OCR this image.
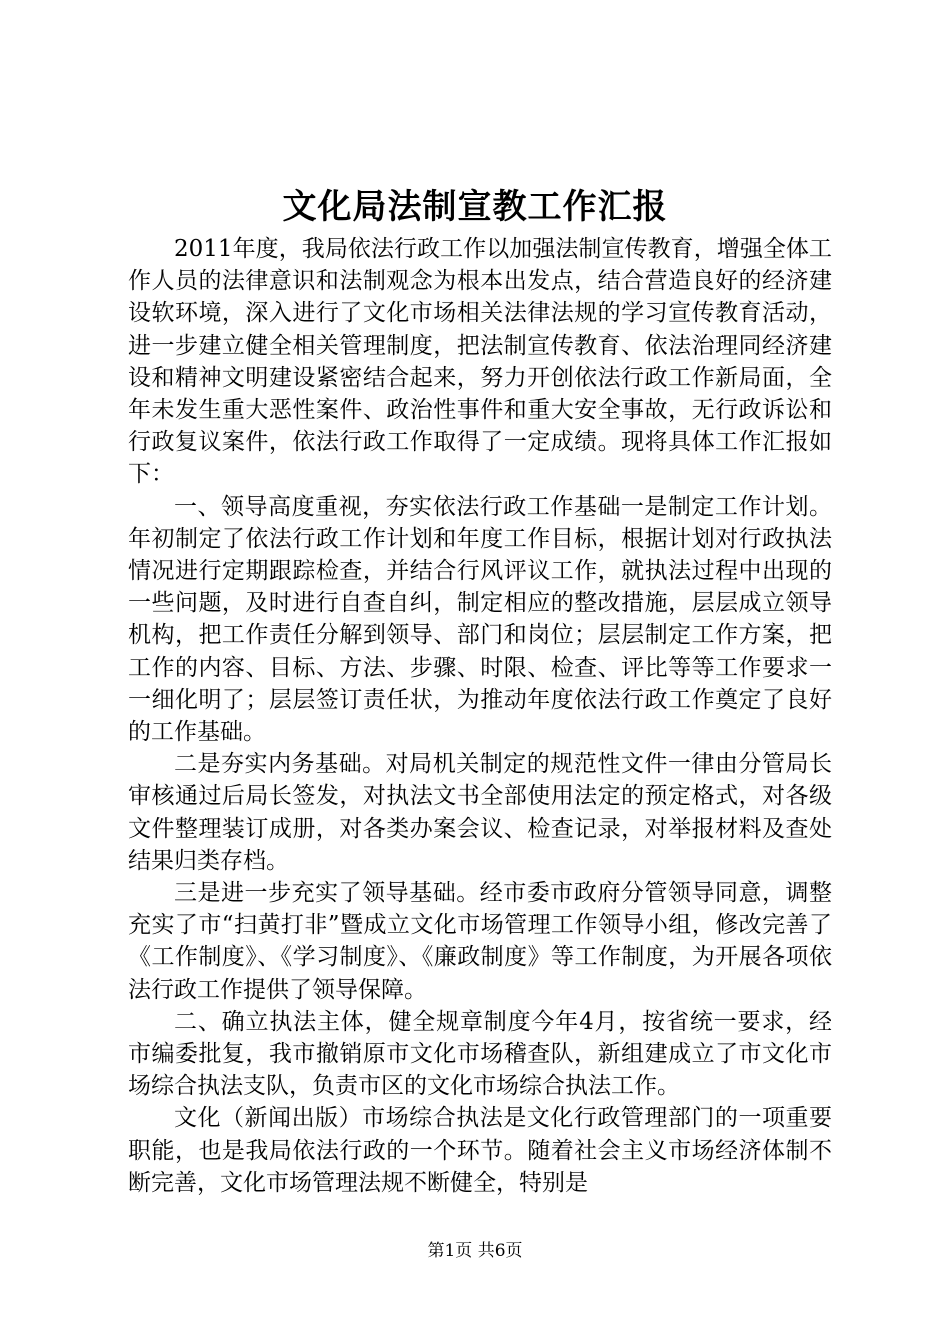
文化局法制宣教工作汇报

2011年度，我局依法行政工作以加强法制宣传教育，增强全体工作人员的法律意识和法制观念为根本出发点，结合营造良好的经济建设软环境，深入进行了文化市场相关法律法规的学习宣传教育活动，进一步建立健全相关管理制度，把法制宣传教育、依法治理同经济建设和精神文明建设紧密结合起来，努力开创依法行政工作新局面，全年未发生重大恶性案件、政治性事件和重大安全事故，无行政诉讼和行政复议案件，依法行政工作取得了一定成绩。现将具体工作汇报如下：

一、领导高度重视，夯实依法行政工作基础一是制定工作计划。年初制定了依法行政工作计划和年度工作目标，根据计划对行政执法情况进行定期跟踪检查，并结合行风评议工作，就执法过程中出现的一些问题，及时进行自查自纠，制定相应的整改措施，层层成立领导机构，把工作责任分解到领导、部门和岗位；层层制定工作方案，把工作的内容、目标、方法、步骤、时限、检查、评比等等工作要求一一细化明了；层层签订责任状，为推动年度依法行政工作奠定了良好的工作基础。

二是夯实内务基础。对局机关制定的规范性文件一律由分管局长审核通过后局长签发，对执法文书全部使用法定的预定格式，对各级文件整理装订成册，对各类办案会议、检查记录，对举报材料及查处结果归类存档。

三是进一步充实了领导基础。经市委市政府分管领导同意，调整充实了市“扫黄打非”暨成立文化市场管理工作领导小组，修改完善了《工作制度》、《学习制度》、《廉政制度》等工作制度，为开展各项依法行政工作提供了领导保障。

二、确立执法主体，健全规章制度今年4月，按省统一要求，经市编委批复，我市撤销原市文化市场稽查队，新组建成立了市文化市场综合执法支队，负责市区的文化市场综合执法工作。

文化（新闻出版）市场综合执法是文化行政管理部门的一项重要职能，也是我局依法行政的一个环节。随着社会主义市场经济体制不断完善，文化市场管理法规不断健全，特别是

第1页 共6页
